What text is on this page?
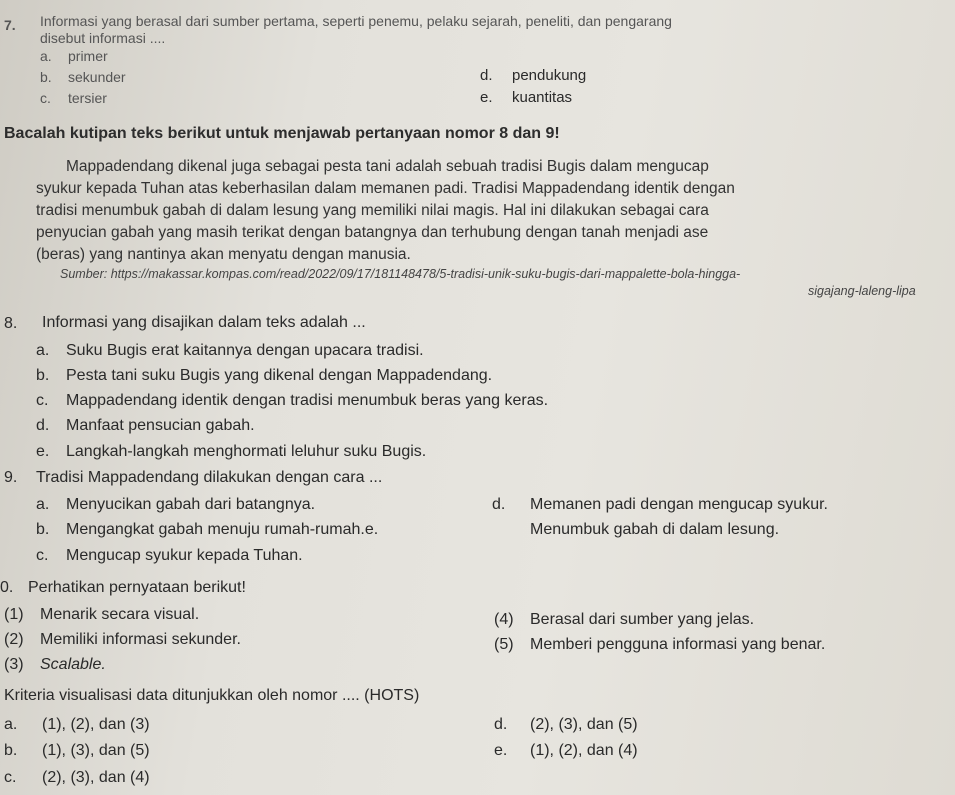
7. Informasi yang berasal dari sumber pertama, seperti penemu, pelaku sejarah, peneliti, dan pengarang
disebut informasi ....
a. primer
b. sekunder
c. tersier
d. pendukung
e. kuantitas
Bacalah kutipan teks berikut untuk menjawab pertanyaan nomor 8 dan 9!
Mappadendang dikenal juga sebagai pesta tani adalah sebuah tradisi Bugis dalam mengucap
syukur kepada Tuhan atas keberhasilan dalam memanen padi. Tradisi Mappadendang identik dengan
tradisi menumbuk gabah di dalam lesung yang memiliki nilai magis. Hal ini dilakukan sebagai cara
penyucian gabah yang masih terikat dengan batangnya dan terhubung dengan tanah menjadi ase
(beras) yang nantinya akan menyatu dengan manusia.
Sumber: https://makassar.kompas.com/read/2022/09/17/181148478/5-tradisi-unik-suku-bugis-dari-mappalette-bola-hingga-
sigajang-laleng-lipa
8. Informasi yang disajikan dalam teks adalah ...
a. Suku Bugis erat kaitannya dengan upacara tradisi.
b. Pesta tani suku Bugis yang dikenal dengan Mappadendang.
c. Mappadendang identik dengan tradisi menumbuk beras yang keras.
d. Manfaat pensucian gabah.
e. Langkah-langkah menghormati leluhur suku Bugis.
9. Tradisi Mappadendang dilakukan dengan cara ...
a. Menyucikan gabah dari batangnya.
b. Mengangkat gabah menuju rumah-rumah.e.
c. Mengucap syukur kepada Tuhan.
d. Memanen padi dengan mengucap syukur.
Menumbuk gabah di dalam lesung.
0. Perhatikan pernyataan berikut!
(1) Menarik secara visual.
(2) Memiliki informasi sekunder.
(3) Scalable.
(4) Berasal dari sumber yang jelas.
(5) Memberi pengguna informasi yang benar.
Kriteria visualisasi data ditunjukkan oleh nomor .... (HOTS)
a. (1), (2), dan (3)
b. (1), (3), dan (5)
c. (2), (3), dan (4)
d. (2), (3), dan (5)
e. (1), (2), dan (4)
